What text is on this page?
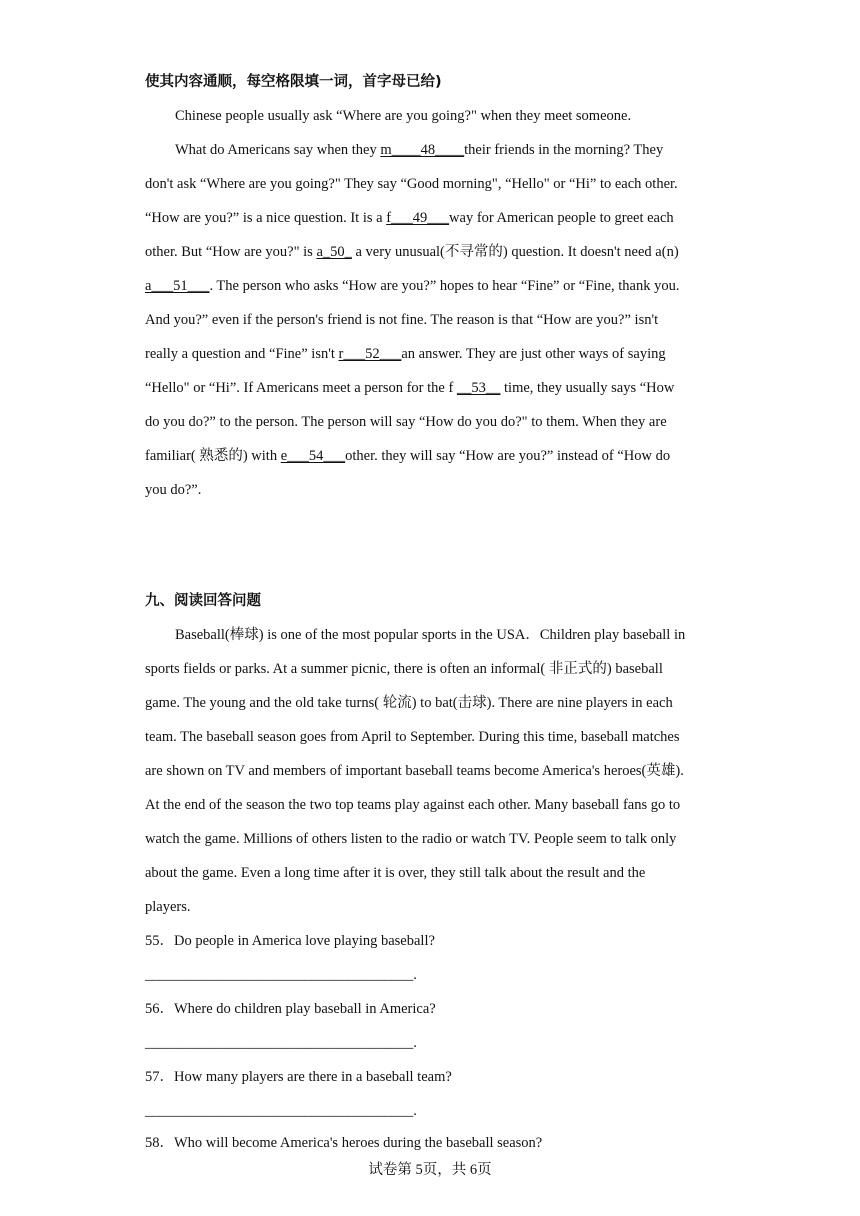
使其内容通顺，每空格限填一词，首字母已给)
Chinese people usually ask “Where are you going?" when they meet someone.
What do Americans say when they m____48____their friends in the morning? They
don't ask “Where are you going?" They say “Good morning", “Hello" or “Hi” to each other.
“How are you?” is a nice question. It is a f___49___way for American people to greet each
other. But “How are you?" is a_50_ a very unusual(不寻常的) question. It doesn't need a(n)
a___51___. The person who asks “How are you?” hopes to hear “Fine” or “Fine, thank you.
And you?” even if the person's friend is not fine. The reason is that “How are you?” isn't
really a question and “Fine” isn't r___52___an answer. They are just other ways of saying
“Hello" or “Hi”. If Americans meet a person for the f __53__ time, they usually says “How
do you do?” to the person. The person will say “How do you do?" to them. When they are
familiar( 熟悉的) with e___54___other. they will say “How are you?” instead of “How do
you do?”.
九、阅读回答问题
Baseball(棒球) is one of the most popular sports in the USA．Children play baseball in
sports fields or parks. At a summer picnic, there is often an informal( 非正式的) baseball
game. The young and the old take turns( 轮流) to bat(击球). There are nine players in each
team. The baseball season goes from April to September. During this time, baseball matches
are shown on TV and members of important baseball teams become America's heroes(英雄).
At the end of the season the two top teams play against each other. Many baseball fans go to
watch the game. Millions of others listen to the radio or watch TV. People seem to talk only
about the game. Even a long time after it is over, they still talk about the result and the
players.
55．Do people in America love playing baseball?
_____________________________________.
56．Where do children play baseball in America?
_____________________________________.
57．How many players are there in a baseball team?
_____________________________________.
58．Who will become America's heroes during the baseball season?
试卷第 5页，共 6页
